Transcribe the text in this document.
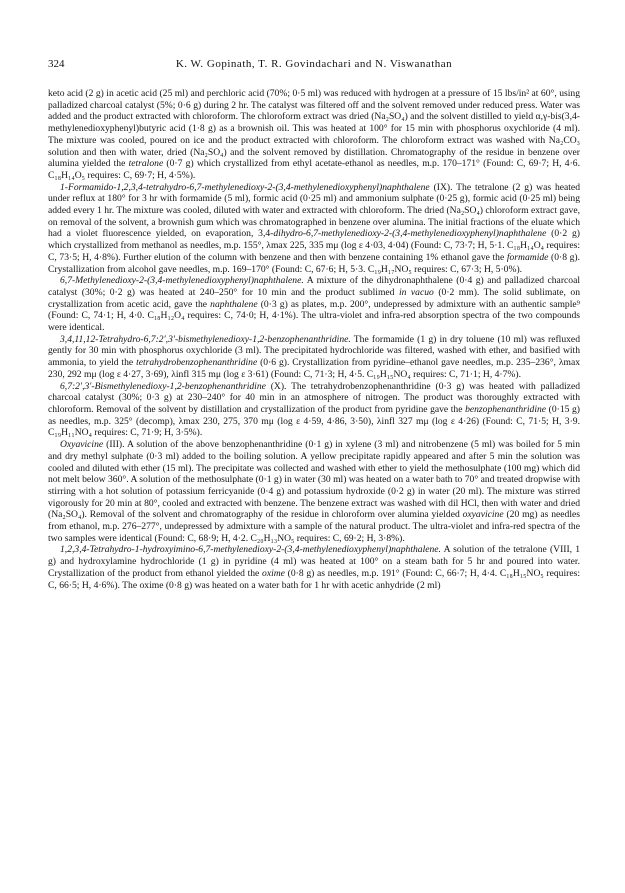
324	K. W. Gopinath, T. R. Govindachari and N. Viswanathan

keto acid (2 g) in acetic acid (25 ml) and perchloric acid (70%; 0·5 ml) was reduced with hydrogen at a pressure of 15 lbs/in² at 60°, using palladized charcoal catalyst (5%; 0·6 g) during 2 hr. The catalyst was filtered off and the solvent removed under reduced press. Water was added and the product extracted with chloroform. The chloroform extract was dried (Na₂SO₄) and the solvent distilled to yield α,γ-bis(3,4-methylenedioxyphenyl)butyric acid (1·8 g) as a brownish oil. This was heated at 100° for 15 min with phosphorus oxychloride (4 ml). The mixture was cooled, poured on ice and the product extracted with chloroform. The chloroform extract was washed with Na₂CO₃ solution and then with water, dried (Na₂SO₄) and the solvent removed by distillation. Chromatography of the residue in benzene over alumina yielded the tetralone (0·7 g) which crystallized from ethyl acetate-ethanol as needles, m.p. 170–171° (Found: C, 69·7; H, 4·6. C₁₈H₁₄O₅ requires: C, 69·7; H, 4·5%).

1-Formamido-1,2,3,4-tetrahydro-6,7-methylenedioxy-2-(3,4-methylenedioxyphenyl)naphthalene (IX). The tetralone (2 g) was heated under reflux at 180° for 3 hr with formamide (5 ml), formic acid (0·25 ml) and ammonium sulphate (0·25 g), formic acid (0·25 ml) being added every 1 hr. The mixture was cooled, diluted with water and extracted with chloroform. The dried (Na₂SO₄) chloroform extract gave, on removal of the solvent, a brownish gum which was chromatographed in benzene over alumina. The initial fractions of the eluate which had a violet fluorescence yielded, on evaporation, 3,4-dihydro-6,7-methylenedioxy-2-(3,4-methylenedioxyphenyl)naphthalene (0·2 g) which crystallized from methanol as needles, m.p. 155°, λmax 225, 335 mμ (log ε 4·03, 4·04) (Found: C, 73·7; H, 5·1. C₁₈H₁₄O₄ requires: C, 73·5; H, 4·8%). Further elution of the column with benzene and then with benzene containing 1% ethanol gave the formamide (0·8 g). Crystallization from alcohol gave needles, m.p. 169–170° (Found: C, 67·6; H, 5·3. C₁₉H₁₇NO₅ requires: C, 67·3; H, 5·0%).

6,7-Methylenedioxy-2-(3,4-methylenedioxyphenyl)naphthalene. A mixture of the dihydronaphthalene (0·4 g) and palladized charcoal catalyst (30%; 0·2 g) was heated at 240–250° for 10 min and the product sublimed in vacuo (0·2 mm). The solid sublimate, on crystallization from acetic acid, gave the naphthalene (0·3 g) as plates, m.p. 200°, undepressed by admixture with an authentic sample⁹ (Found: C, 74·1; H, 4·0. C₁₈H₁₂O₄ requires: C, 74·0; H, 4·1%). The ultra-violet and infra-red absorption spectra of the two compounds were identical.

3,4,11,12-Tetrahydro-6,7:2′,3′-bismethylenedioxy-1,2-benzophenanthridine. The formamide (1 g) in dry toluene (10 ml) was refluxed gently for 30 min with phosphorus oxychloride (3 ml). The precipitated hydrochloride was filtered, washed with ether, and basified with ammonia, to yield the tetrahydrobenzophenanthridine (0·6 g). Crystallization from pyridine–ethanol gave needles, m.p. 235–236°, λmax 230, 292 mμ (log ε 4·27, 3·69), λinfl 315 mμ (log ε 3·61) (Found: C, 71·3; H, 4·5. C₁₉H₁₅NO₄ requires: C, 71·1; H, 4·7%).

6,7:2′,3′-Bismethylenedioxy-1,2-benzophenanthridine (X). The tetrahydrobenzophenanthridine (0·3 g) was heated with palladized charcoal catalyst (30%; 0·3 g) at 230–240° for 40 min in an atmosphere of nitrogen. The product was thoroughly extracted with chloroform. Removal of the solvent by distillation and crystallization of the product from pyridine gave the benzophenanthridine (0·15 g) as needles, m.p. 325° (decomp), λmax 230, 275, 370 mμ (log ε 4·59, 4·86, 3·50), λinfl 327 mμ (log ε 4·26) (Found: C, 71·5; H, 3·9. C₁₉H₁₁NO₄ requires: C, 71·9; H, 3·5%).

Oxyavicine (III). A solution of the above benzophenanthridine (0·1 g) in xylene (3 ml) and nitrobenzene (5 ml) was boiled for 5 min and dry methyl sulphate (0·3 ml) added to the boiling solution. A yellow precipitate rapidly appeared and after 5 min the solution was cooled and diluted with ether (15 ml). The precipitate was collected and washed with ether to yield the methosulphate (100 mg) which did not melt below 360°. A solution of the methosulphate (0·1 g) in water (30 ml) was heated on a water bath to 70° and treated dropwise with stirring with a hot solution of potassium ferricyanide (0·4 g) and potassium hydroxide (0·2 g) in water (20 ml). The mixture was stirred vigorously for 20 min at 80°, cooled and extracted with benzene. The benzene extract was washed with dil HCl, then with water and dried (Na₂SO₄). Removal of the solvent and chromatography of the residue in chloroform over alumina yielded oxyavicine (20 mg) as needles from ethanol, m.p. 276–277°, undepressed by admixture with a sample of the natural product. The ultra-violet and infra-red spectra of the two samples were identical (Found: C, 68·9; H, 4·2. C₂₀H₁₃NO₅ requires: C, 69·2; H, 3·8%).

1,2,3,4-Tetrahydro-1-hydroxyimino-6,7-methylenedioxy-2-(3,4-methylenedioxyphenyl)naphthalene. A solution of the tetralone (VIII, 1 g) and hydroxylamine hydrochloride (1 g) in pyridine (4 ml) was heated at 100° on a steam bath for 5 hr and poured into water. Crystallization of the product from ethanol yielded the oxime (0·8 g) as needles, m.p. 191° (Found: C, 66·7; H, 4·4. C₁₈H₁₅NO₅ requires: C, 66·5; H, 4·6%). The oxime (0·8 g) was heated on a water bath for 1 hr with acetic anhydride (2 ml)
